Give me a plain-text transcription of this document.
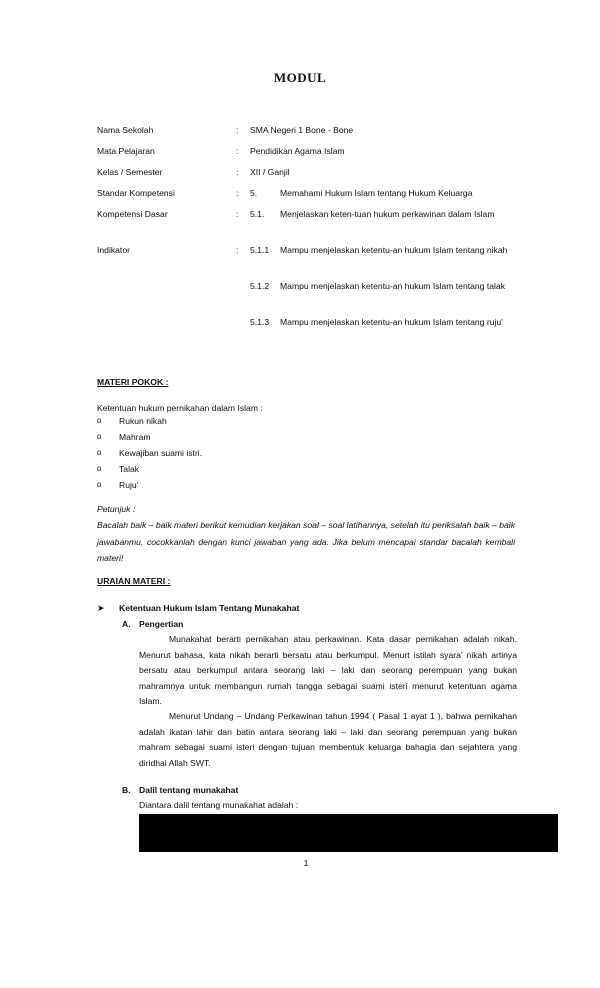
MODUL
Nama Sekolah	: SMA Negeri 1 Bone - Bone
Mata Pelajaran	: Pendidikan Agama Islam
Kelas / Semester	: XII / Ganjil
Standar Kompetensi	: 5.	Memahami Hukum Islam tentang Hukum Keluarga
Kompetensi Dasar	: 5.1. Menjelaskan keten-tuan hukum perkawinan dalam Islam
Indikator	: 5.1.1 Mampu menjelaskan ketentu-an hukum Islam tentang nikah
5.1.2 Mampu menjelaskan ketentu-an hukum Islam tentang talak
5.1.3 Mampu menjelaskan ketentu-an hukum Islam tentang ruju’
MATERI POKOK :
Ketentuan hukum pernikahan dalam Islam :
o Rukun nikah
o Mahram
o Kewajiban suami istri.
o Talak
o Ruju’
Petunjuk :
Bacalah baik – baik materi berikut kemudian kerjakan soal – soal latihannya, setelah itu periksalah baik – baik jawabanmu, cocokkanlah dengan kunci jawaban yang ada. Jika belum mencapai standar bacalah kembali materi!
URAIAN MATERI :
➤ Ketentuan Hukum Islam Tentang Munakahat
A. Pengertian
Munakahat berarti pernikahan atau perkawinan. Kata dasar pernikahan adalah nikah. Menurut bahasa, kata nikah berarti bersatu atau berkumpul. Menurt istilah syara’ nikah artinya bersatu atau berkumpul antara seorang laki – laki dan seorang perempuan yang bukan mahramnya untuk membangun rumah tangga sebagai suami isteri menurut ketentuan agama Islam.
Menurut Undang – Undang Perkawinan tahun 1994 ( Pasal 1 ayat 1 ), bahwa pernikahan adalah ikatan lahir dan batin antara seorang laki – laki dan seorang perempuan yang bukan mahram sebagai suami isteri dengan tujuan membentuk keluarga bahagia dan sejahtera yang diridhai Allah SWT.
B. Dalil tentang munakahat
Diantara dalil tentang munakahat adalah :
1
